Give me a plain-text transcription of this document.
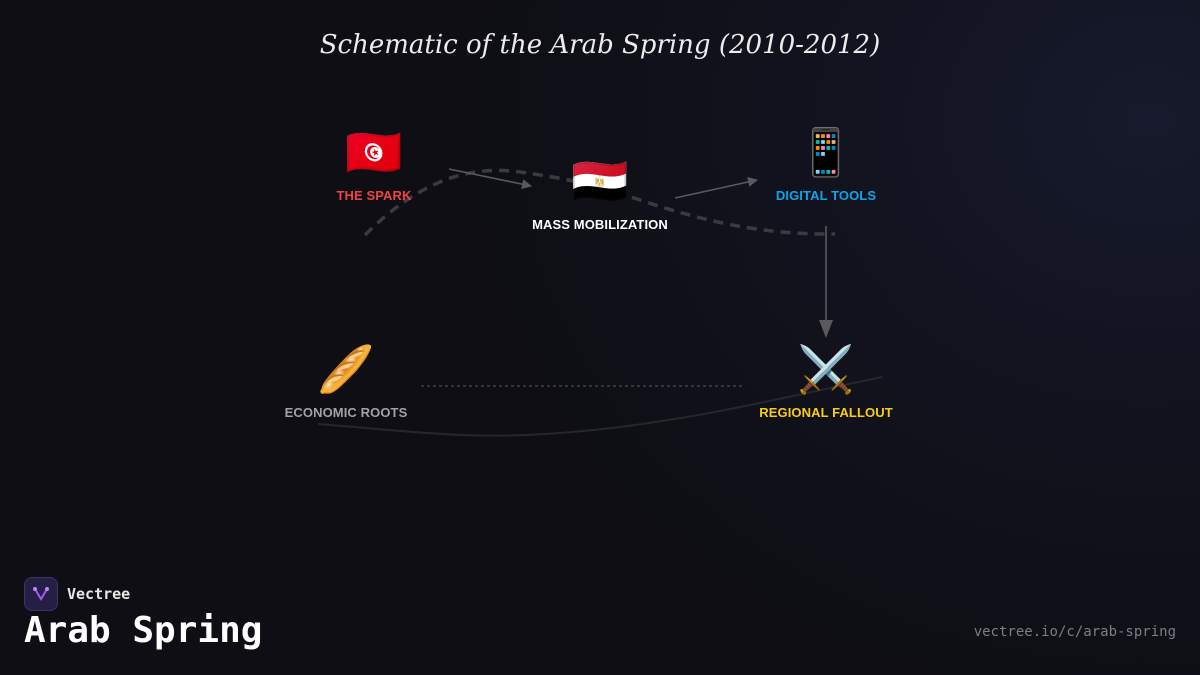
Schematic of the Arab Spring (2010-2012)
🇹🇳
THE SPARK	🇪🇬
MASS MOBILIZATION
📱
DIGITAL TOOLS
🥖
ECONOMIC ROOTS
⚔️
REGIONAL FALLOUT
Vectree
Arab Spring	vectree.io/c/arab-spring
